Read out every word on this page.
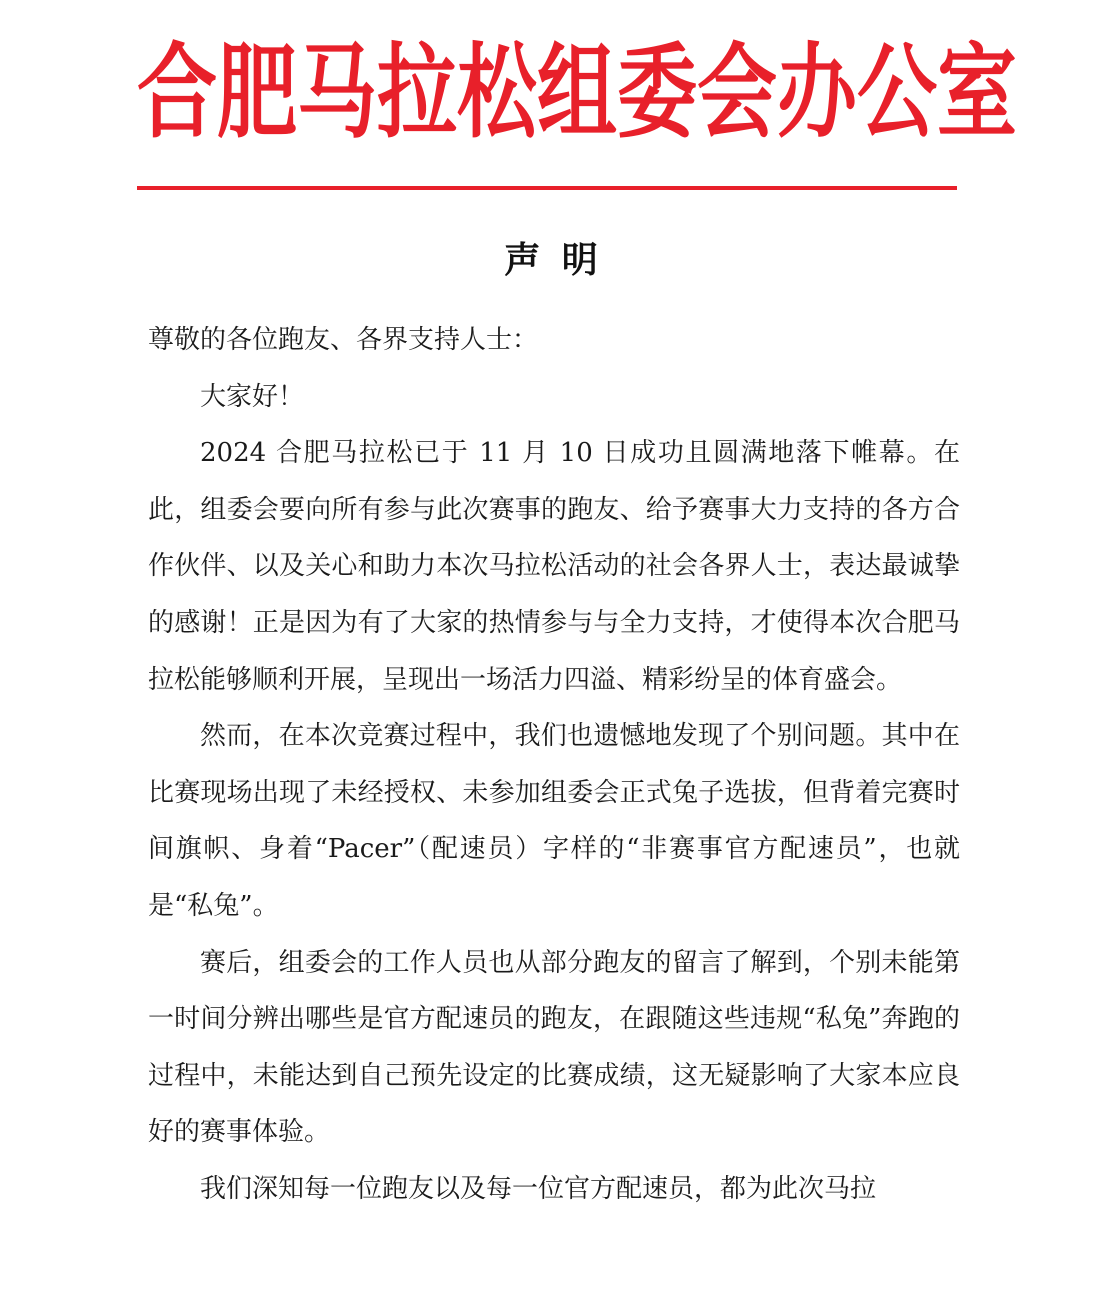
合肥马拉松组委会办公室
声明

尊敬的各位跑友、各界支持人士：

大家好！

2024 合肥马拉松已于 11 月 10 日成功且圆满地落下帷幕。在此，组委会要向所有参与此次赛事的跑友、给予赛事大力支持的各方合作伙伴、以及关心和助力本次马拉松活动的社会各界人士，表达最诚挚的感谢！正是因为有了大家的热情参与与全力支持，才使得本次合肥马拉松能够顺利开展，呈现出一场活力四溢、精彩纷呈的体育盛会。

然而，在本次竞赛过程中，我们也遗憾地发现了个别问题。其中在比赛现场出现了未经授权、未参加组委会正式兔子选拔，但背着完赛时间旗帜、身着“Pacer”（配速员）字样的“非赛事官方配速员”，也就是“私兔”。

赛后，组委会的工作人员也从部分跑友的留言了解到，个别未能第一时间分辨出哪些是官方配速员的跑友，在跟随这些违规“私兔”奔跑的过程中，未能达到自己预先设定的比赛成绩，这无疑影响了大家本应良好的赛事体验。

我们深知每一位跑友以及每一位官方配速员，都为此次马拉
